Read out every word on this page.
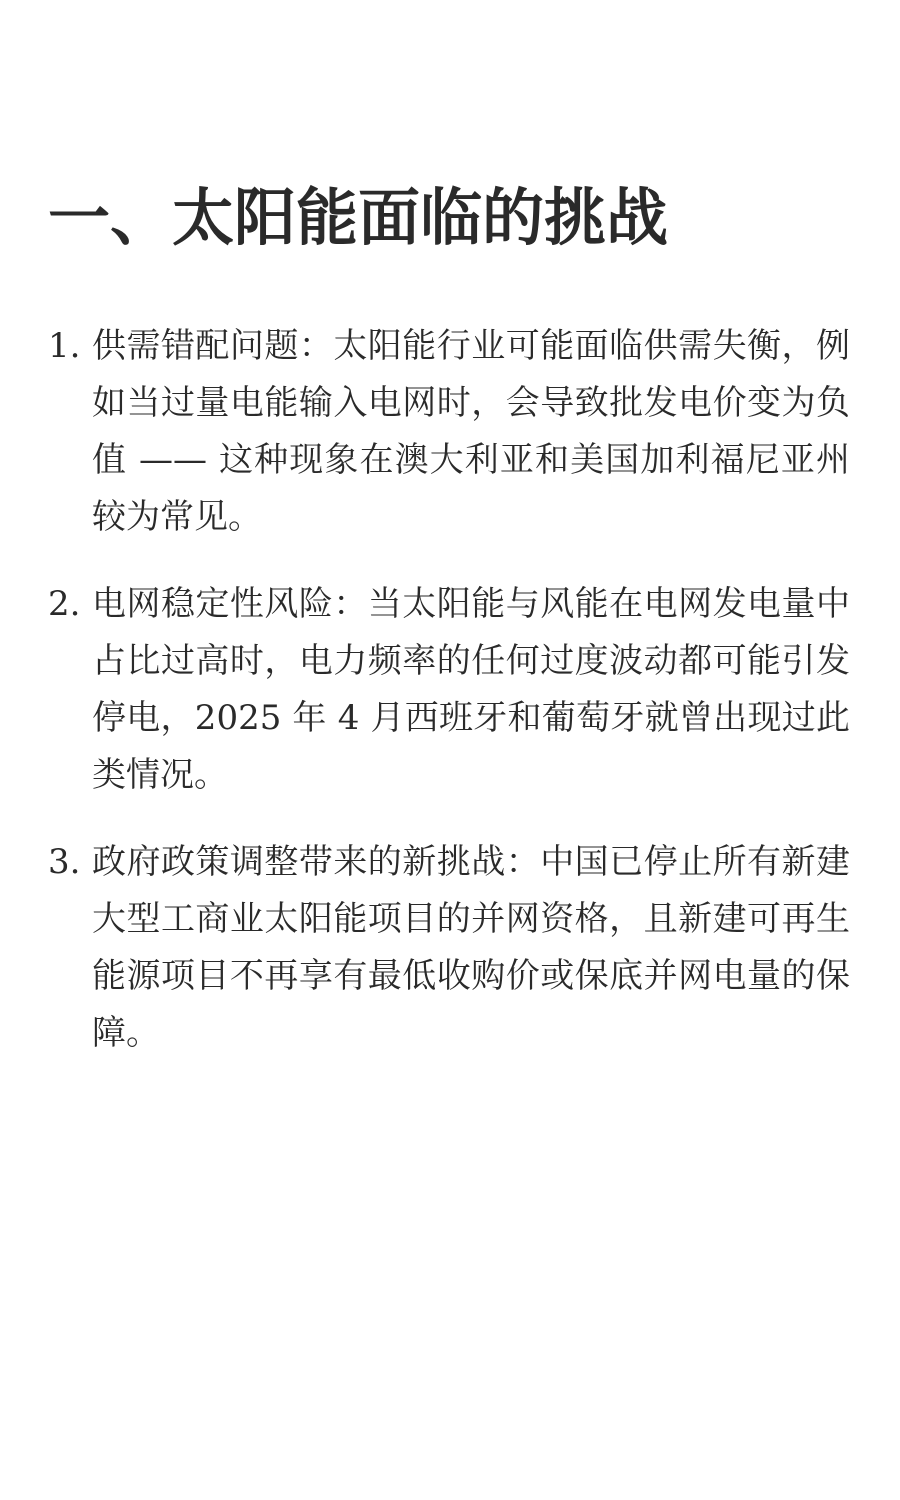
一、太阳能面临的挑战
1. 供需错配问题：太阳能行业可能面临供需失衡，例如当过量电能输入电网时，会导致批发电价变为负值 —— 这种现象在澳大利亚和美国加利福尼亚州较为常见。
2. 电网稳定性风险：当太阳能与风能在电网发电量中占比过高时，电力频率的任何过度波动都可能引发停电，2025 年 4 月西班牙和葡萄牙就曾出现过此类情况。
3. 政府政策调整带来的新挑战：中国已停止所有新建大型工商业太阳能项目的并网资格，且新建可再生能源项目不再享有最低收购价或保底并网电量的保障。
